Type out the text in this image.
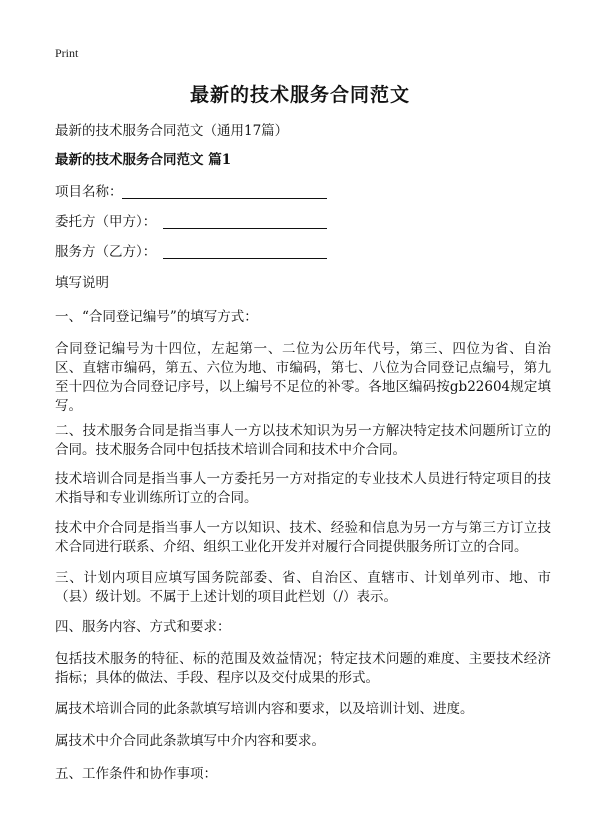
Print
最新的技术服务合同范文
最新的技术服务合同范文（通用17篇）
最新的技术服务合同范文 篇1
项目名称：
委托方（甲方）：
服务方（乙方）：
填写说明
一、“合同登记编号”的填写方式：
合同登记编号为十四位，左起第一、二位为公历年代号，第三、四位为省、自治区、直辖市编码，第五、六位为地、市编码，第七、八位为合同登记点编号，第九至十四位为合同登记序号，以上编号不足位的补零。各地区编码按gb22604规定填写。
二、技术服务合同是指当事人一方以技术知识为另一方解决特定技术问题所订立的合同。技术服务合同中包括技术培训合同和技术中介合同。
技术培训合同是指当事人一方委托另一方对指定的专业技术人员进行特定项目的技术指导和专业训练所订立的合同。
技术中介合同是指当事人一方以知识、技术、经验和信息为另一方与第三方订立技术合同进行联系、介绍、组织工业化开发并对履行合同提供服务所订立的合同。
三、计划内项目应填写国务院部委、省、自治区、直辖市、计划单列市、地、市（县）级计划。不属于上述计划的项目此栏划（/）表示。
四、服务内容、方式和要求：
包括技术服务的特征、标的范围及效益情况；特定技术问题的难度、主要技术经济指标；具体的做法、手段、程序以及交付成果的形式。
属技术培训合同的此条款填写培训内容和要求，以及培训计划、进度。
属技术中介合同此条款填写中介内容和要求。
五、工作条件和协作事项：
